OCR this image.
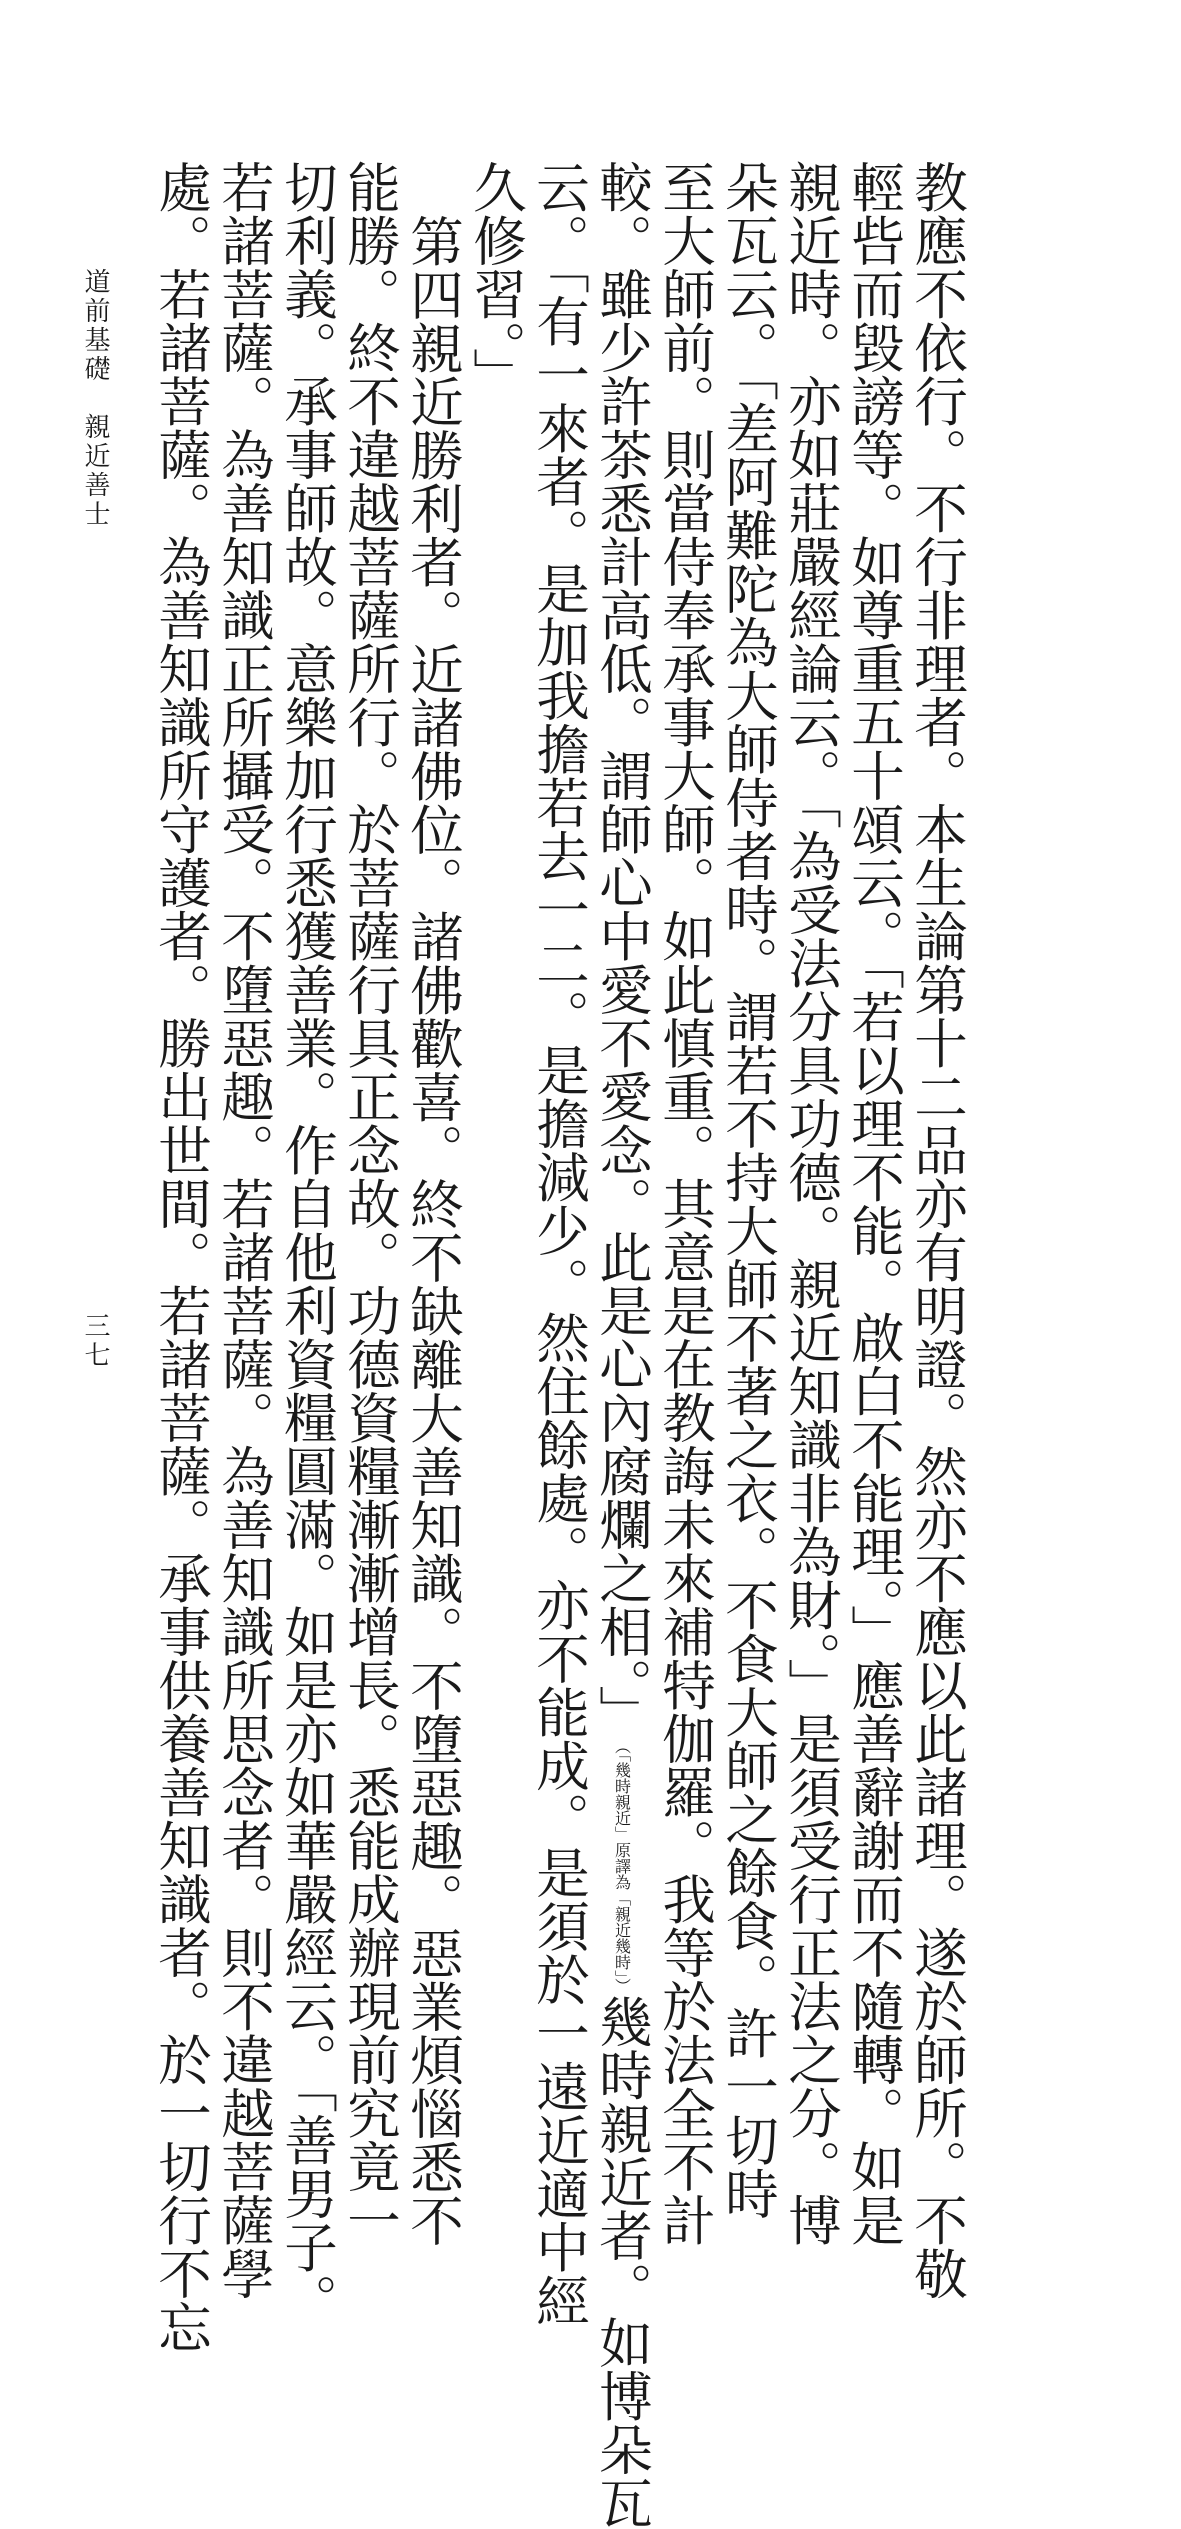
教應不依行。不行非理者。本生論第十二品亦有明證。然亦不應以此諸理。遂於師所。不敬
輕呰而毀謗等。如尊重五十頌云。「若以理不能。啟白不能理。」應善辭謝而不隨轉。如是
親近時。亦如莊嚴經論云。「為受法分具功德。親近知識非為財。」是須受行正法之分。博
朵瓦云。「差阿難陀為大師侍者時。謂若不持大師不著之衣。不食大師之餘食。許一切時
至大師前。則當侍奉承事大師。如此慎重。其意是在教誨未來補特伽羅。我等於法全不計
較。雖少許茶悉計高低。謂師心中愛不愛念。此是心內腐爛之相。」（「幾時親近」原譯為「親近幾時」）幾時親近者。如博朵瓦
云。「有一來者。是加我擔若去一二。是擔減少。然住餘處。亦不能成。是須於一遠近適中經
久修習。」
第四親近勝利者。近諸佛位。諸佛歡喜。終不缺離大善知識。不墮惡趣。惡業煩惱悉不
能勝。終不違越菩薩所行。於菩薩行具正念故。功德資糧漸漸增長。悉能成辦現前究竟一
切利義。承事師故。意樂加行悉獲善業。作自他利資糧圓滿。如是亦如華嚴經云。「善男子。
若諸菩薩。為善知識正所攝受。不墮惡趣。若諸菩薩。為善知識所思念者。則不違越菩薩學
處。若諸菩薩。為善知識所守護者。勝出世間。若諸菩薩。承事供養善知識者。於一切行不忘
道前基礎　親近善士
三七
